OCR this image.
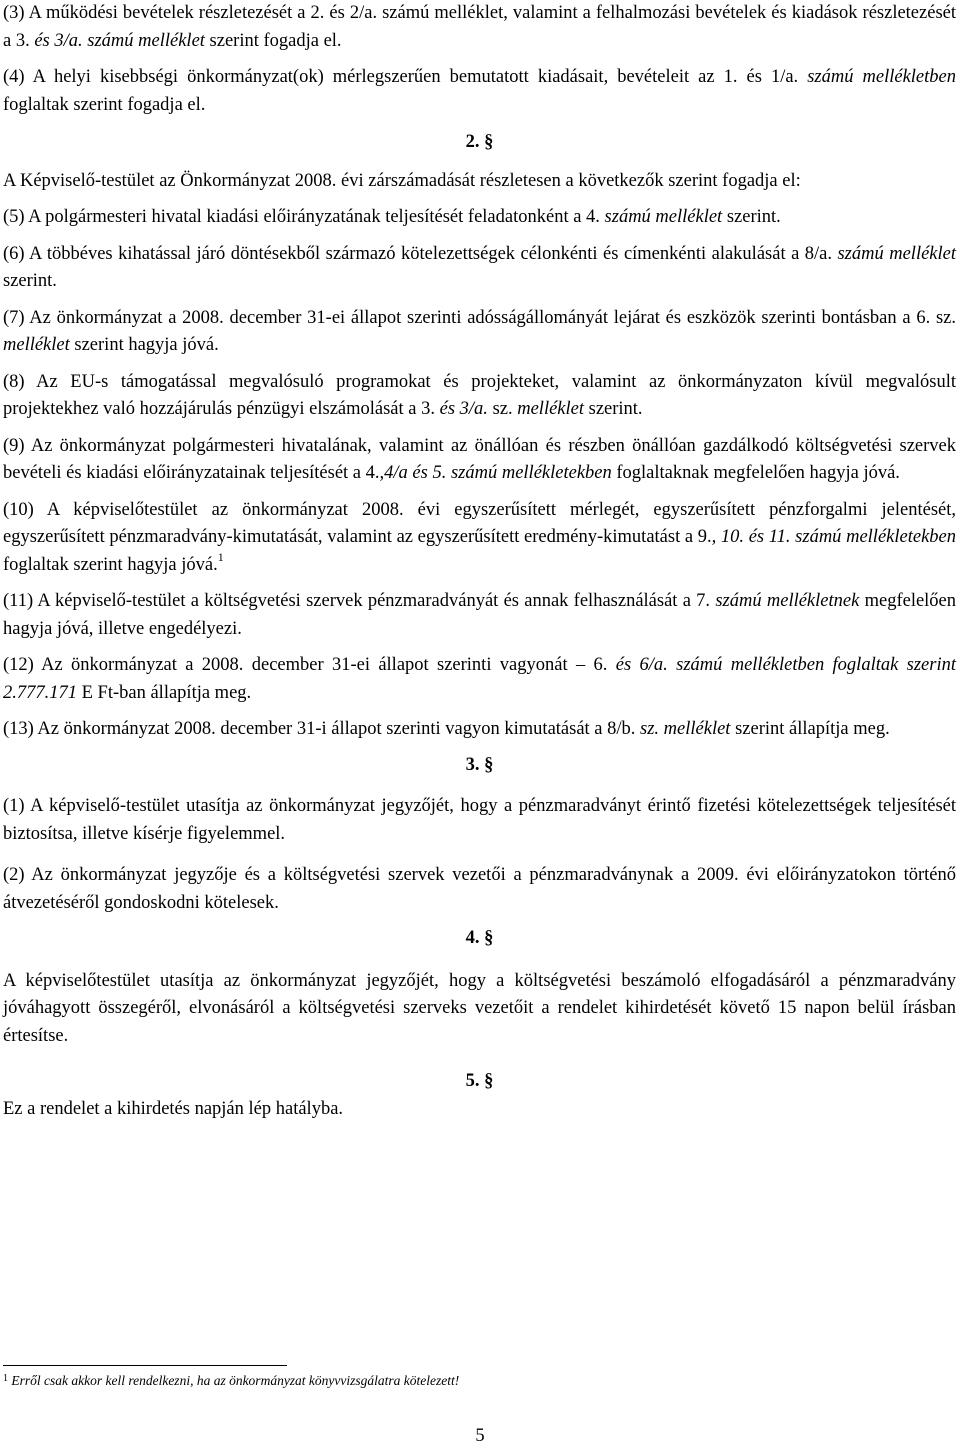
(3) A működési bevételek részletezését a 2. és 2/a. számú melléklet, valamint a felhalmozási bevételek és kiadások részletezését a 3. és 3/a. számú melléklet szerint fogadja el.

(4) A helyi kisebbségi önkormányzat(ok) mérlegszerűen bemutatott kiadásait, bevételeit az 1. és 1/a. számú mellékletben foglaltak szerint fogadja el.

2. §

A Képviselő-testület az Önkormányzat 2008. évi zárszámadását részletesen a következők szerint fogadja el:

(5) A polgármesteri hivatal kiadási előirányzatának teljesítését feladatonként a 4. számú melléklet szerint.

(6) A többéves kihatással járó döntésekből származó kötelezettségek célonkénti és címenkénti alakulását a 8/a. számú melléklet szerint.

(7) Az önkormányzat a 2008. december 31-ei állapot szerinti adósságállományát lejárat és eszközök szerinti bontásban a 6. sz. melléklet szerint hagyja jóvá.

(8) Az EU-s támogatással megvalósuló programokat és projekteket, valamint az önkormányzaton kívül megvalósult projektekhez való hozzájárulás pénzügyi elszámolását a 3. és 3/a. sz. melléklet szerint.

(9) Az önkormányzat polgármesteri hivatalának, valamint az önállóan és részben önállóan gazdálkodó költségvetési szervek bevételi és kiadási előirányzatainak teljesítését a 4.,4/a és 5. számú mellékletekben foglaltaknak megfelelően hagyja jóvá.

(10) A képviselőtestület az önkormányzat 2008. évi egyszerűsített mérlegét, egyszerűsített pénzforgalmi jelentését, egyszerűsített pénzmaradvány-kimutatását, valamint az egyszerűsített eredmény-kimutatást a 9., 10. és 11. számú mellékletekben foglaltak szerint hagyja jóvá.$^1$

(11) A képviselő-testület a költségvetési szervek pénzmaradványát és annak felhasználását a 7. számú mellékletnek megfelelően hagyja jóvá, illetve engedélyezi.

(12) Az önkormányzat a 2008. december 31-ei állapot szerinti vagyonát – 6. és 6/a. számú mellékletben foglaltak szerint 2.777.171 E Ft-ban állapítja meg.

(13) Az önkormányzat 2008. december 31-i állapot szerinti vagyon kimutatását a 8/b. sz. melléklet szerint állapítja meg.

3. §

(1) A képviselő-testület utasítja az önkormányzat jegyzőjét, hogy a pénzmaradványt érintő fizetési kötelezettségek teljesítését biztosítsa, illetve kísérje figyelemmel.

(2) Az önkormányzat jegyzője és a költségvetési szervek vezetői a pénzmaradványnak a 2009. évi előirányzatokon történő átvezetéséről gondoskodni kötelesek.

4. §

A képviselőtestület utasítja az önkormányzat jegyzőjét, hogy a költségvetési beszámoló elfogadásáról a pénzmaradvány jóváhagyott összegéről, elvonásáról a költségvetési szerveks vezetőit a rendelet kihirdetését követő 15 napon belül írásban értesítse.

5. §

Ez a rendelet a kihirdetés napján lép hatályba.

$^1$ Erről csak akkor kell rendelkezni, ha az önkormányzat könyvvizsgálatra kötelezett!
5
